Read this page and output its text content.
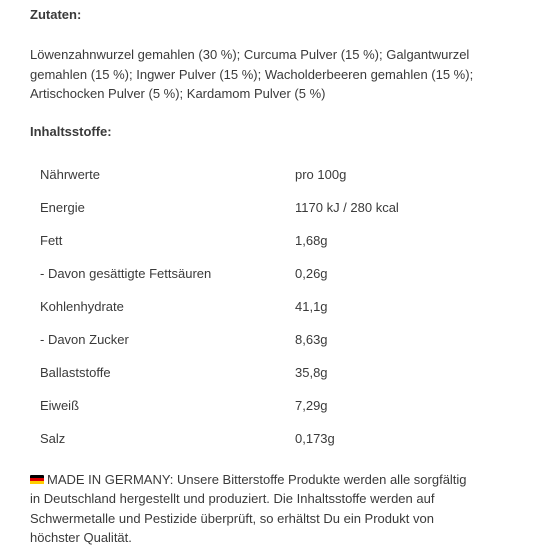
Zutaten:
Löwenzahnwurzel gemahlen (30 %); Curcuma Pulver (15 %); Galgantwurzel gemahlen (15 %); Ingwer Pulver (15 %); Wacholderbeeren gemahlen (15 %); Artischocken Pulver (5 %); Kardamom Pulver (5 %)
Inhaltsstoffe:
Nährwerte	pro 100g
Energie	1170 kJ / 280 kcal
Fett	1,68g
- Davon gesättigte Fettsäuren	0,26g
Kohlenhydrate	41,1g
- Davon Zucker	8,63g
Ballaststoffe	35,8g
Eiweiß	7,29g
Salz	0,173g
MADE IN GERMANY: Unsere Bitterstoffe Produkte werden alle sorgfältig in Deutschland hergestellt und produziert. Die Inhaltsstoffe werden auf Schwermetalle und Pestizide überprüft, so erhältst Du ein Produkt von höchster Qualität.
